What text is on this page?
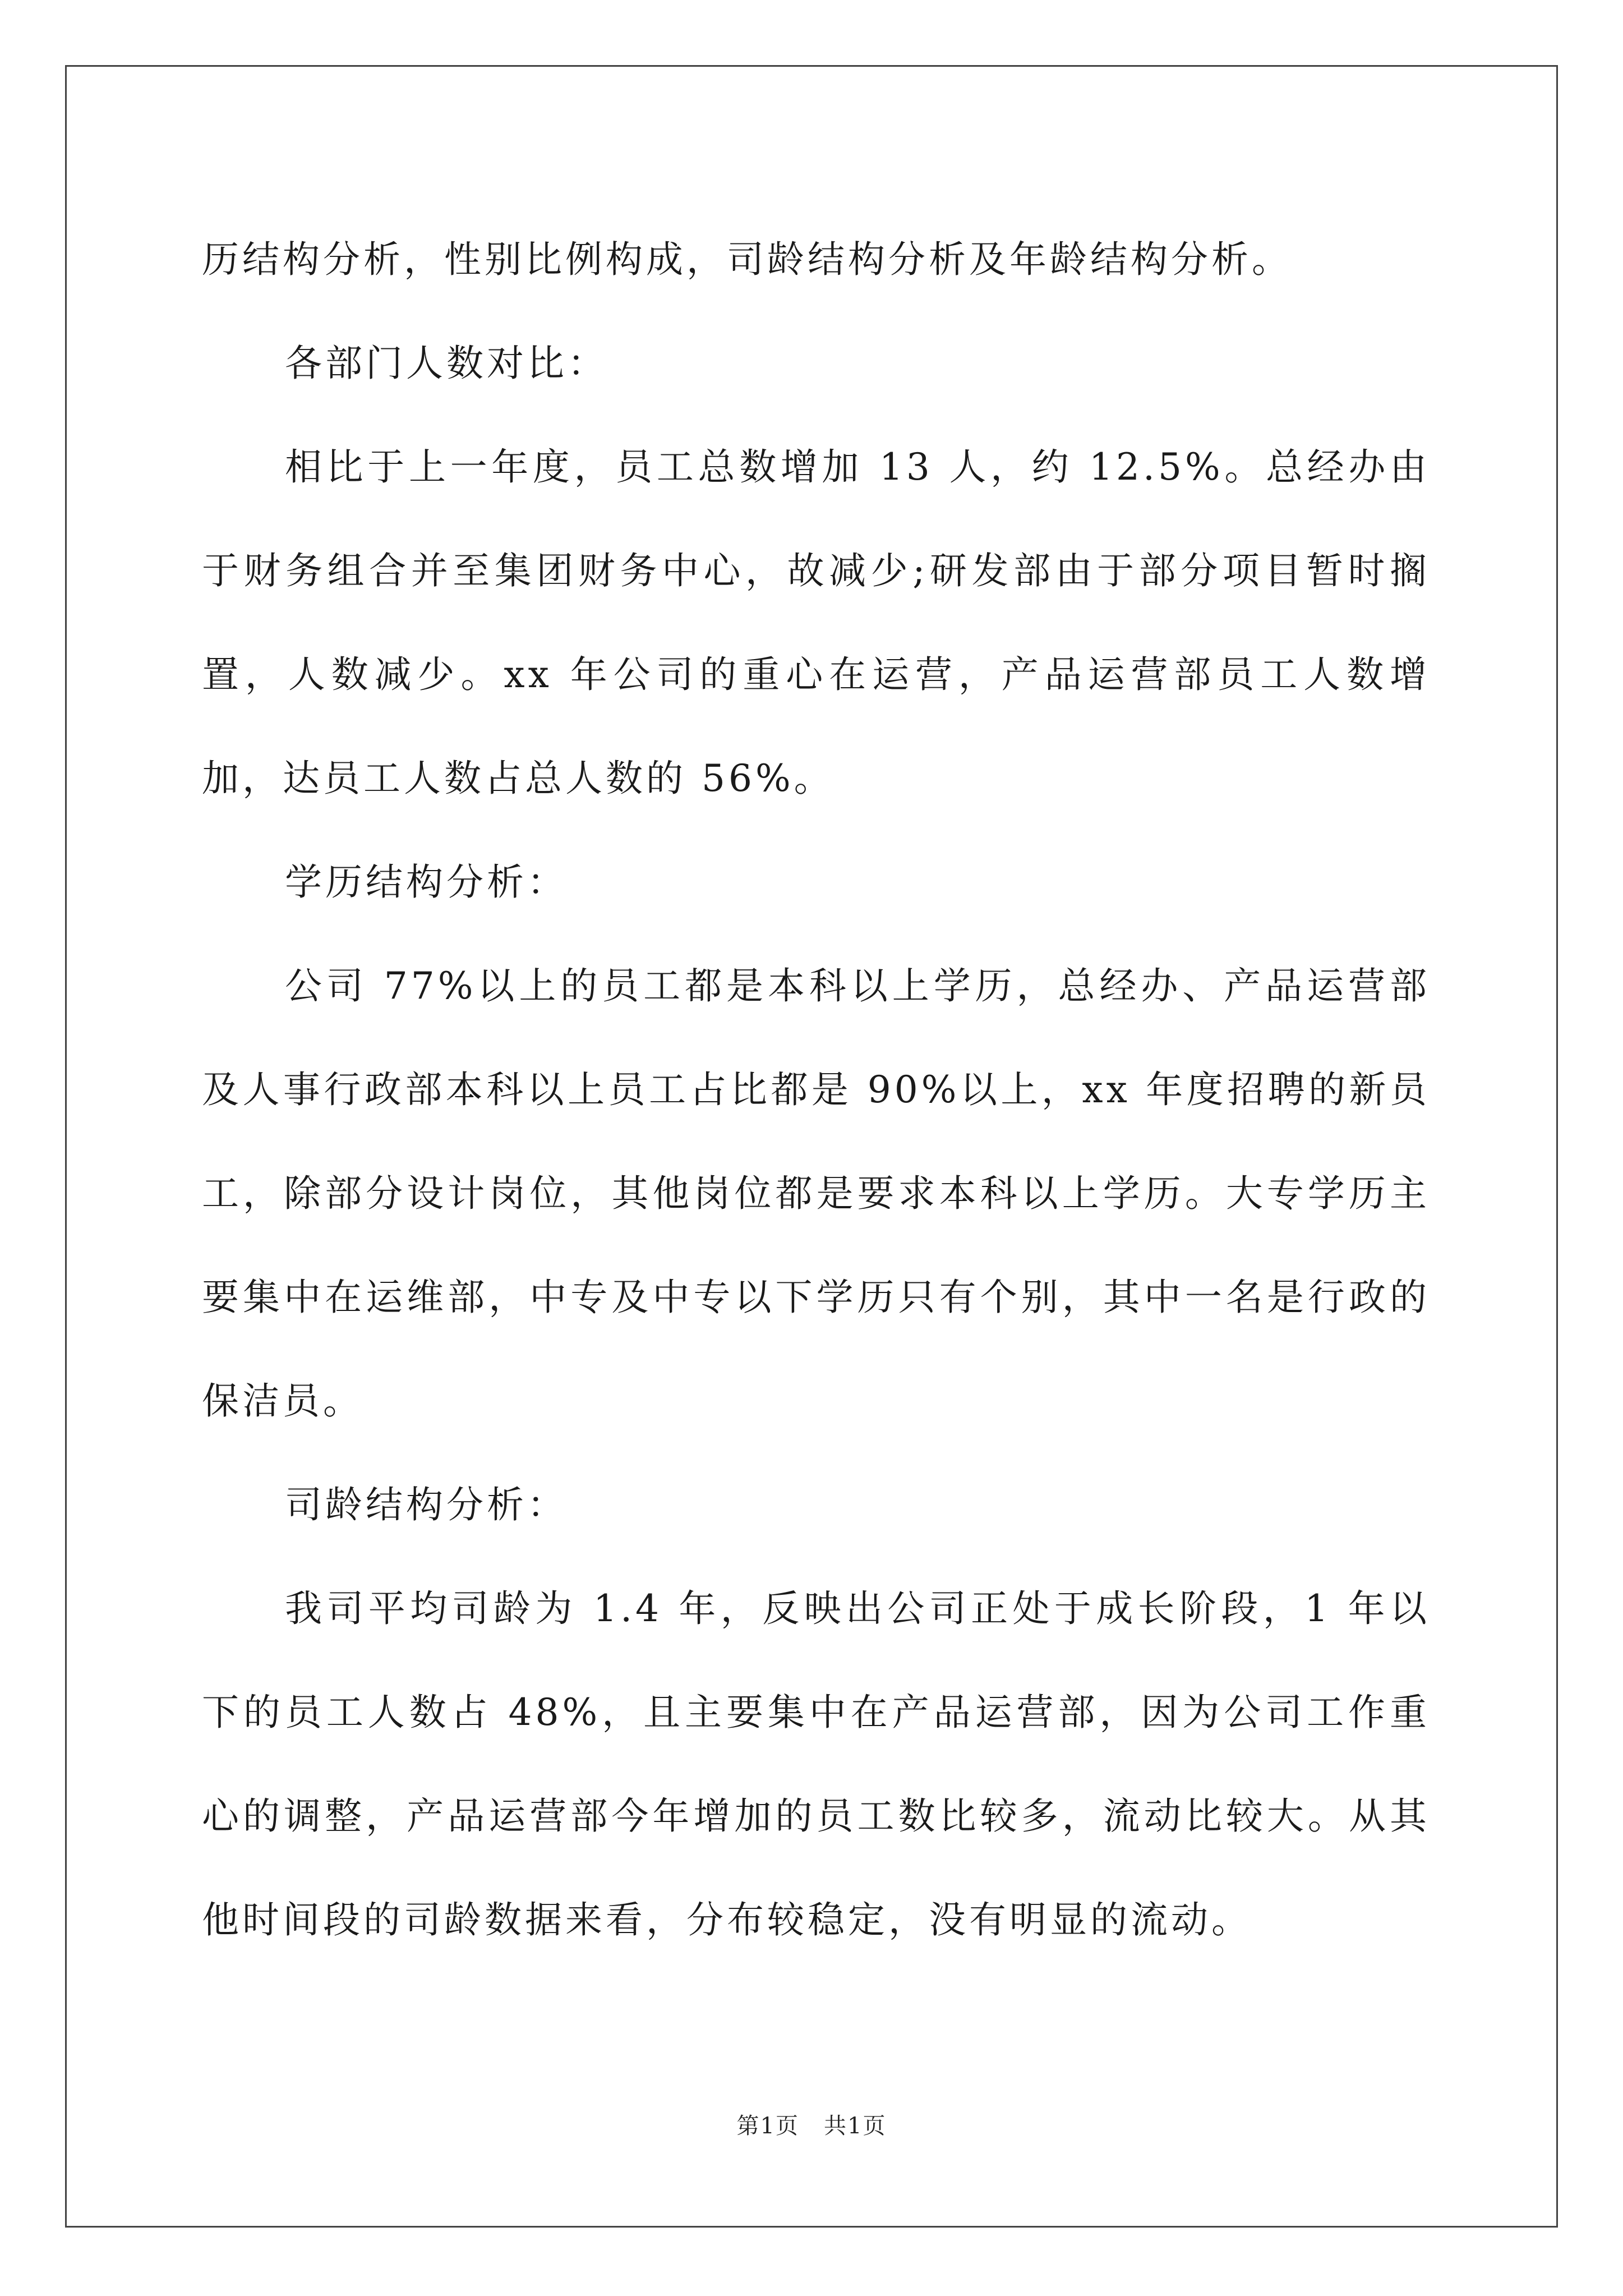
历结构分析，性别比例构成，司龄结构分析及年龄结构分析。

各部门人数对比：

相比于上一年度，员工总数增加 13 人，约 12.5%。总经办由于财务组合并至集团财务中心，故减少;研发部由于部分项目暂时搁置，人数减少。xx 年公司的重心在运营，产品运营部员工人数增加，达员工人数占总人数的 56%。

学历结构分析：

公司 77%以上的员工都是本科以上学历，总经办、产品运营部及人事行政部本科以上员工占比都是 90%以上，xx 年度招聘的新员工，除部分设计岗位，其他岗位都是要求本科以上学历。大专学历主要集中在运维部，中专及中专以下学历只有个别，其中一名是行政的保洁员。

司龄结构分析：

我司平均司龄为 1.4 年，反映出公司正处于成长阶段，1 年以下的员工人数占 48%，且主要集中在产品运营部，因为公司工作重心的调整，产品运营部今年增加的员工数比较多，流动比较大。从其他时间段的司龄数据来看，分布较稳定，没有明显的流动。

第1页 共1页
